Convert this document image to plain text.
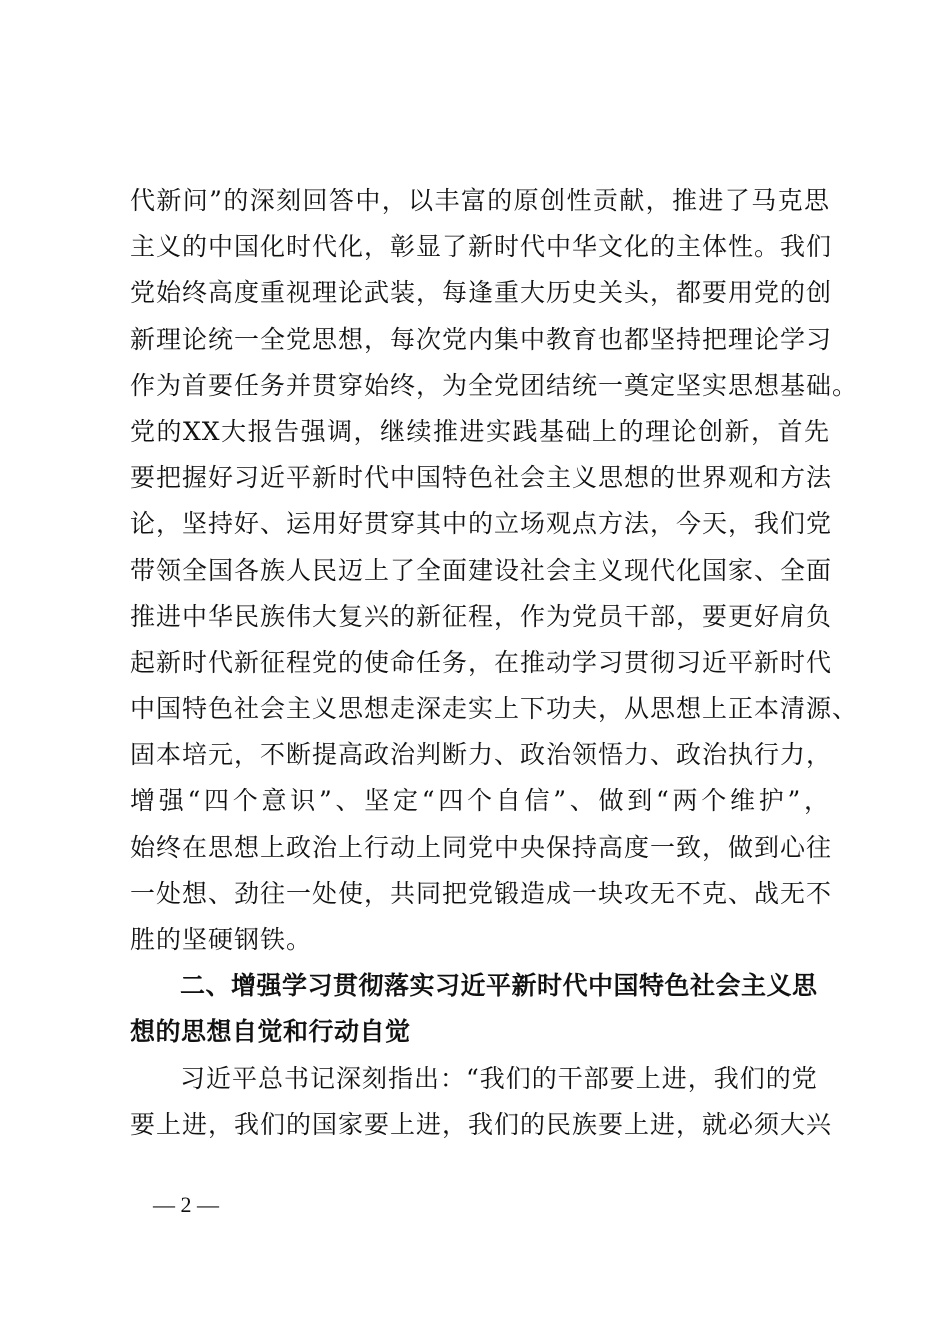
代新问”的深刻回答中，以丰富的原创性贡献，推进了马克思
主义的中国化时代化，彰显了新时代中华文化的主体性。我们
党始终高度重视理论武装，每逢重大历史关头，都要用党的创
新理论统一全党思想，每次党内集中教育也都坚持把理论学习
作为首要任务并贯穿始终，为全党团结统一奠定坚实思想基础。
党的XX大报告强调，继续推进实践基础上的理论创新，首先
要把握好习近平新时代中国特色社会主义思想的世界观和方法
论，坚持好、运用好贯穿其中的立场观点方法，今天，我们党
带领全国各族人民迈上了全面建设社会主义现代化国家、全面
推进中华民族伟大复兴的新征程，作为党员干部，要更好肩负
起新时代新征程党的使命任务，在推动学习贯彻习近平新时代
中国特色社会主义思想走深走实上下功夫，从思想上正本清源、
固本培元，不断提高政治判断力、政治领悟力、政治执行力，
增强“四个意识”、坚定“四个自信”、做到“两个维护”，
始终在思想上政治上行动上同党中央保持高度一致，做到心往
一处想、劲往一处使，共同把党锻造成一块攻无不克、战无不
胜的坚硬钢铁。
二、增强学习贯彻落实习近平新时代中国特色社会主义思
想的思想自觉和行动自觉
习近平总书记深刻指出：“我们的干部要上进，我们的党
要上进，我们的国家要上进，我们的民族要上进，就必须大兴
— 2 —
